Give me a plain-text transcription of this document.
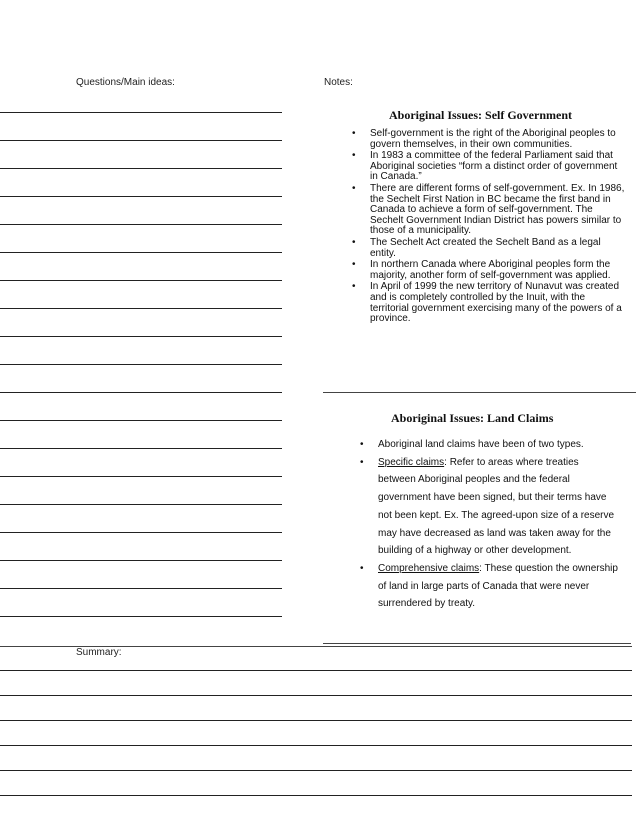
Questions/Main ideas:	Notes:
Aboriginal Issues: Self Government
• Self-government is the right of the Aboriginal peoples to govern themselves, in their own communities.
• In 1983 a committee of the federal Parliament said that Aboriginal societies “form a distinct order of government in Canada.”
• There are different forms of self-government. Ex. In 1986, the Sechelt First Nation in BC became the first band in Canada to achieve a form of self-government. The Sechelt Government Indian District has powers similar to those of a municipality.
• The Sechelt Act created the Sechelt Band as a legal entity.
• In northern Canada where Aboriginal peoples form the majority, another form of self-government was applied.
• In April of 1999 the new territory of Nunavut was created and is completely controlled by the Inuit, with the territorial government exercising many of the powers of a province.
Aboriginal Issues: Land Claims
• Aboriginal land claims have been of two types.
• Specific claims: Refer to areas where treaties between Aboriginal peoples and the federal government have been signed, but their terms have not been kept. Ex. The agreed-upon size of a reserve may have decreased as land was taken away for the building of a highway or other development.
• Comprehensive claims: These question the ownership of land in large parts of Canada that were never surrendered by treaty.
Summary:
